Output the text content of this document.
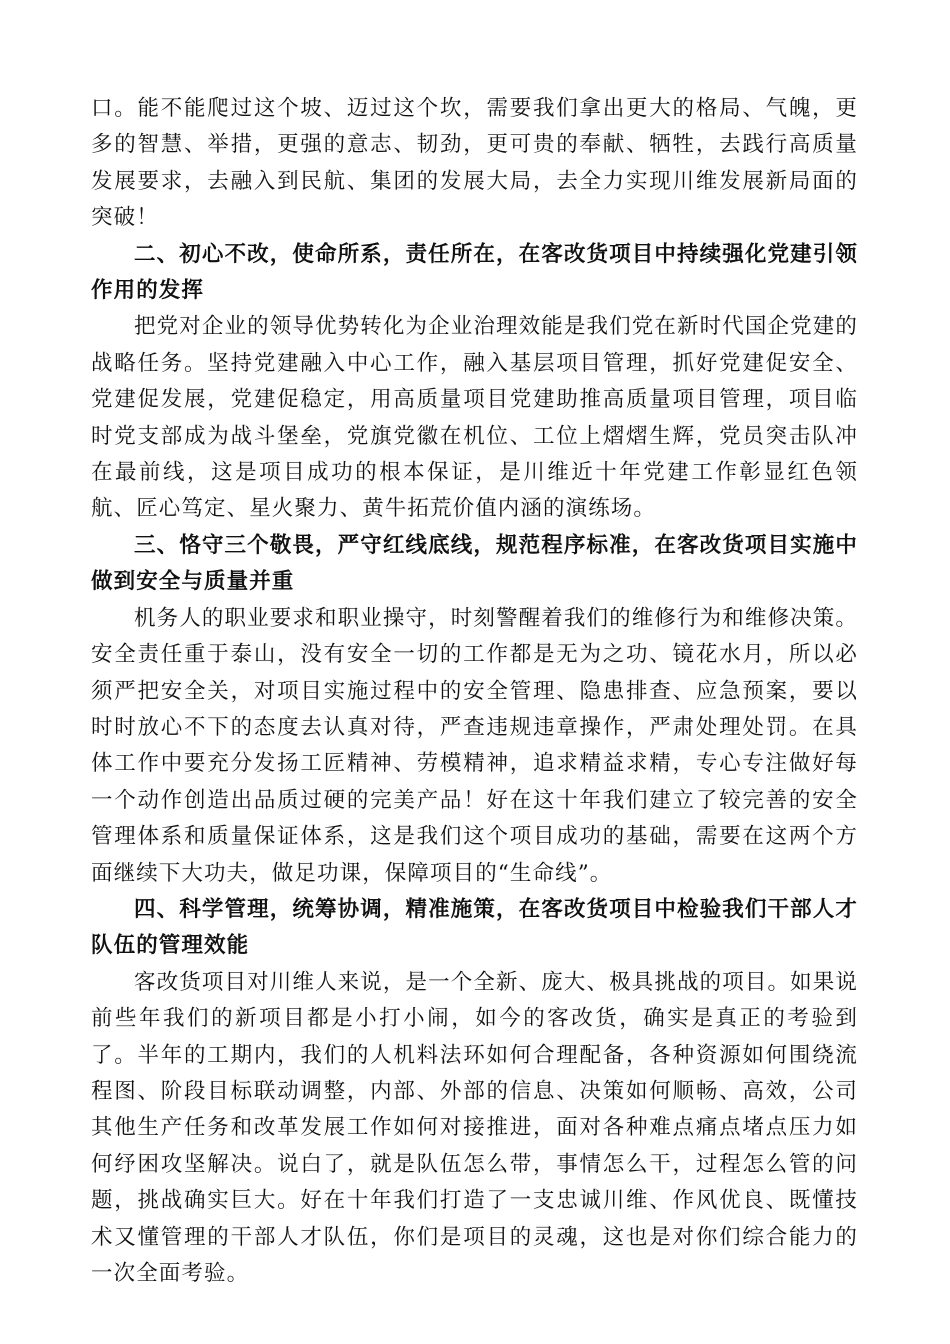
口。能不能爬过这个坡、迈过这个坎，需要我们拿出更大的格局、气魄，更多的智慧、举措，更强的意志、韧劲，更可贵的奉献、牺牲，去践行高质量发展要求，去融入到民航、集团的发展大局，去全力实现川维发展新局面的突破！

二、初心不改，使命所系，责任所在，在客改货项目中持续强化党建引领作用的发挥

把党对企业的领导优势转化为企业治理效能是我们党在新时代国企党建的战略任务。坚持党建融入中心工作，融入基层项目管理，抓好党建促安全、党建促发展，党建促稳定，用高质量项目党建助推高质量项目管理，项目临时党支部成为战斗堡垒，党旗党徽在机位、工位上熠熠生辉，党员突击队冲在最前线，这是项目成功的根本保证，是川维近十年党建工作彰显红色领航、匠心笃定、星火聚力、黄牛拓荒价值内涵的演练场。

三、恪守三个敬畏，严守红线底线，规范程序标准，在客改货项目实施中做到安全与质量并重

机务人的职业要求和职业操守，时刻警醒着我们的维修行为和维修决策。安全责任重于泰山，没有安全一切的工作都是无为之功、镜花水月，所以必须严把安全关，对项目实施过程中的安全管理、隐患排查、应急预案，要以时时放心不下的态度去认真对待，严查违规违章操作，严肃处理处罚。在具体工作中要充分发扬工匠精神、劳模精神，追求精益求精，专心专注做好每一个动作创造出品质过硬的完美产品！好在这十年我们建立了较完善的安全管理体系和质量保证体系，这是我们这个项目成功的基础，需要在这两个方面继续下大功夫，做足功课，保障项目的“生命线”。

四、科学管理，统筹协调，精准施策，在客改货项目中检验我们干部人才队伍的管理效能

客改货项目对川维人来说，是一个全新、庞大、极具挑战的项目。如果说前些年我们的新项目都是小打小闹，如今的客改货，确实是真正的考验到了。半年的工期内，我们的人机料法环如何合理配备，各种资源如何围绕流程图、阶段目标联动调整，内部、外部的信息、决策如何顺畅、高效，公司其他生产任务和改革发展工作如何对接推进，面对各种难点痛点堵点压力如何纾困攻坚解决。说白了，就是队伍怎么带，事情怎么干，过程怎么管的问题，挑战确实巨大。好在十年我们打造了一支忠诚川维、作风优良、既懂技术又懂管理的干部人才队伍，你们是项目的灵魂，这也是对你们综合能力的一次全面考验。
